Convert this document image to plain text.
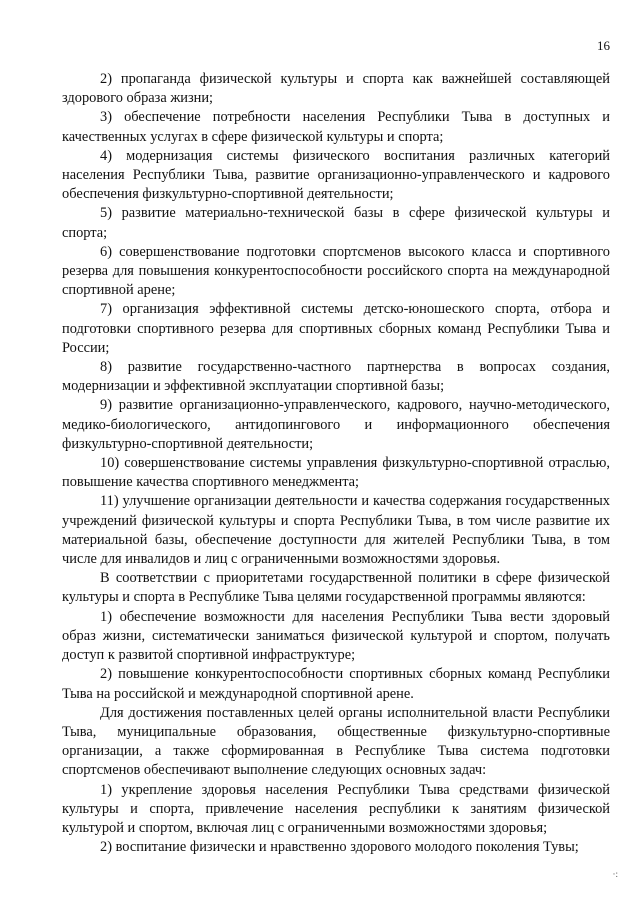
16

2) пропаганда физической культуры и спорта как важнейшей составляющей здорового образа жизни;

3) обеспечение потребности населения Республики Тыва в доступных и качественных услугах в сфере физической культуры и спорта;

4) модернизация системы физического воспитания различных категорий населения Республики Тыва, развитие организационно-управленческого и кадрового обеспечения физкультурно-спортивной деятельности;

5) развитие материально-технической базы в сфере физической культуры и спорта;

6) совершенствование подготовки спортсменов высокого класса и спортивного резерва для повышения конкурентоспособности российского спорта на международной спортивной арене;

7) организация эффективной системы детско-юношеского спорта, отбора и подготовки спортивного резерва для спортивных сборных команд Республики Тыва и России;

8) развитие государственно-частного партнерства в вопросах создания, модернизации и эффективной эксплуатации спортивной базы;

9) развитие организационно-управленческого, кадрового, научно-методического, медико-биологического, антидопингового и информационного обеспечения физкультурно-спортивной деятельности;

10) совершенствование системы управления физкультурно-спортивной отраслью, повышение качества спортивного менеджмента;

11) улучшение организации деятельности и качества содержания государственных учреждений физической культуры и спорта Республики Тыва, в том числе развитие их материальной базы, обеспечение доступности для жителей Республики Тыва, в том числе для инвалидов и лиц с ограниченными возможностями здоровья.

В соответствии с приоритетами государственной политики в сфере физической культуры и спорта в Республике Тыва целями государственной программы являются:

1) обеспечение возможности для населения Республики Тыва вести здоровый образ жизни, систематически заниматься физической культурой и спортом, получать доступ к развитой спортивной инфраструктуре;

2) повышение конкурентоспособности спортивных сборных команд Республики Тыва на российской и международной спортивной арене.

Для достижения поставленных целей органы исполнительной власти Республики Тыва, муниципальные образования, общественные физкультурно-спортивные организации, а также сформированная в Республике Тыва система подготовки спортсменов обеспечивают выполнение следующих основных задач:

1) укрепление здоровья населения Республики Тыва средствами физической культуры и спорта, привлечение населения республики к занятиям физической культурой и спортом, включая лиц с ограниченными возможностями здоровья;

2) воспитание физически и нравственно здорового молодого поколения Тувы;

·:
